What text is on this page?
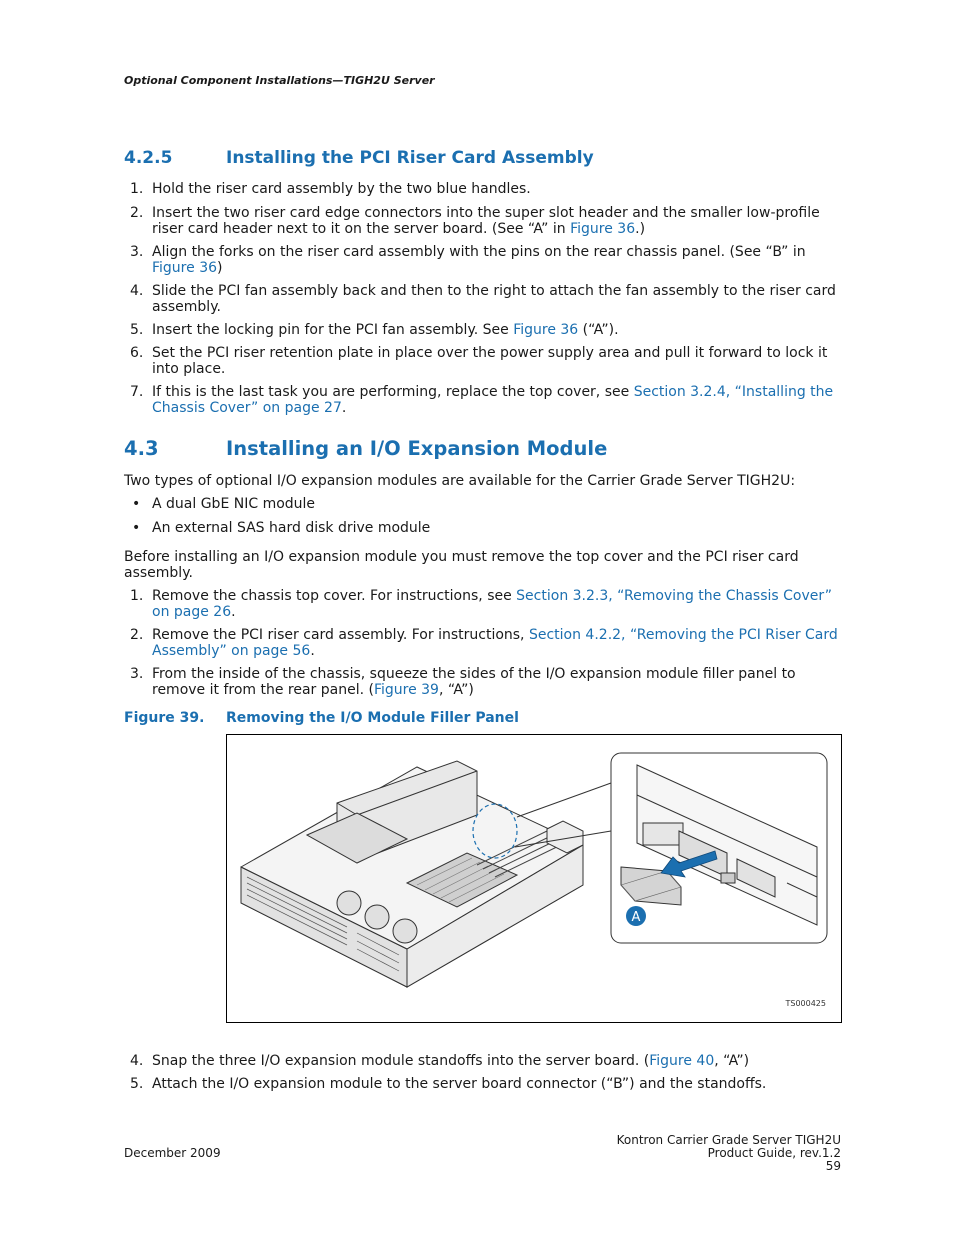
Optional Component Installations—TIGH2U Server
4.2.5	Installing the PCI Riser Card Assembly
1. Hold the riser card assembly by the two blue handles.
2. Insert the two riser card edge connectors into the super slot header and the smaller low-profile riser card header next to it on the server board. (See “A” in Figure 36.)
3. Align the forks on the riser card assembly with the pins on the rear chassis panel. (See “B” in Figure 36)
4. Slide the PCI fan assembly back and then to the right to attach the fan assembly to the riser card assembly.
5. Insert the locking pin for the PCI fan assembly. See Figure 36 (“A”).
6. Set the PCI riser retention plate in place over the power supply area and pull it forward to lock it into place.
7. If this is the last task you are performing, replace the top cover, see Section 3.2.4, “Installing the Chassis Cover” on page 27.
4.3	Installing an I/O Expansion Module
Two types of optional I/O expansion modules are available for the Carrier Grade Server TIGH2U:
• A dual GbE NIC module
• An external SAS hard disk drive module
Before installing an I/O expansion module you must remove the top cover and the PCI riser card assembly.
1. Remove the chassis top cover. For instructions, see Section 3.2.3, “Removing the Chassis Cover” on page 26.
2. Remove the PCI riser card assembly. For instructions, Section 4.2.2, “Removing the PCI Riser Card Assembly” on page 56.
3. From the inside of the chassis, squeeze the sides of the I/O expansion module filler panel to remove it from the rear panel. (Figure 39, “A”)
Figure 39. Removing the I/O Module Filler Panel
A
TS000425
4. Snap the three I/O expansion module standoffs into the server board. (Figure 40, “A”)
5. Attach the I/O expansion module to the server board connector (“B”) and the standoffs.
December 2009
Kontron Carrier Grade Server TIGH2U
Product Guide, rev.1.2
59
